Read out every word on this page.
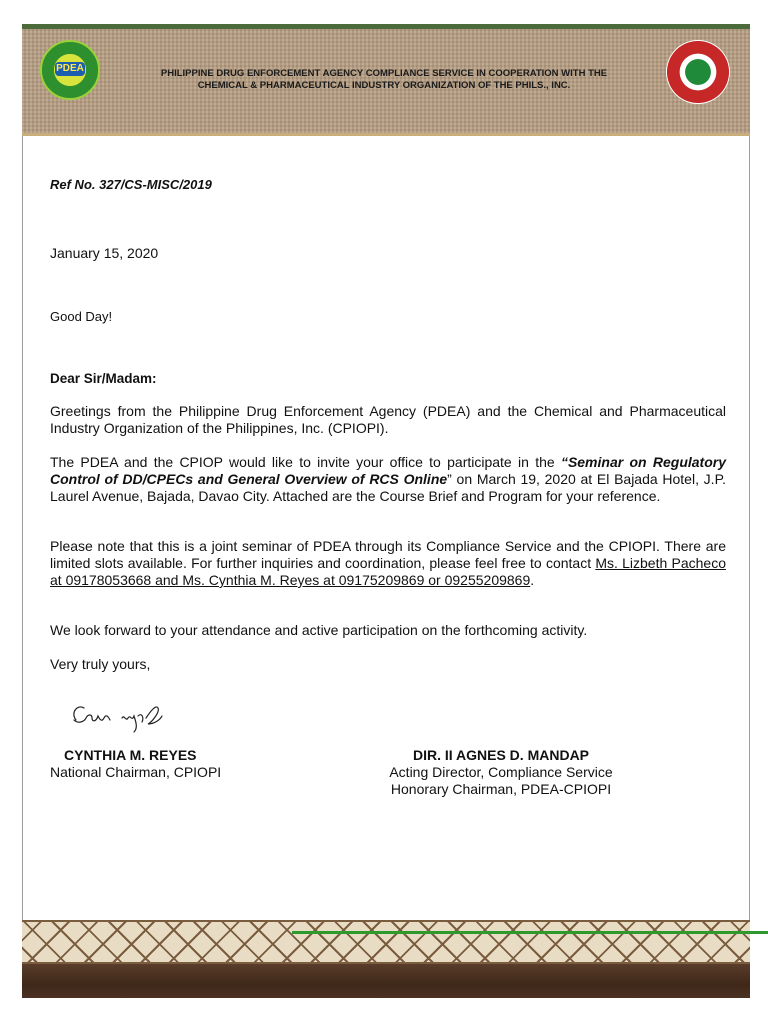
PDEA	PHILIPPINE DRUG ENFORCEMENT AGENCY COMPLIANCE SERVICE IN COOPERATION WITH THE
CHEMICAL & PHARMACEUTICAL INDUSTRY ORGANIZATION OF THE PHILS., INC.
Ref No. 327/CS-MISC/2019
January 15, 2020
Good Day!
Dear Sir/Madam:
Greetings from the Philippine Drug Enforcement Agency (PDEA) and the Chemical and Pharmaceutical Industry Organization of the Philippines, Inc. (CPIOPI).
The PDEA and the CPIOP would like to invite your office to participate in the “Seminar on Regulatory Control of DD/CPECs and General Overview of RCS Online” on March 19, 2020 at El Bajada Hotel, J.P. Laurel Avenue, Bajada, Davao City. Attached are the Course Brief and Program for your reference.
Please note that this is a joint seminar of PDEA through its Compliance Service and the CPIOPI. There are limited slots available. For further inquiries and coordination, please feel free to contact Ms. Lizbeth Pacheco at 09178053668 and Ms. Cynthia M. Reyes at 09175209869 or 09255209869.
We look forward to your attendance and active participation on the forthcoming activity.
Very truly yours,
CYNTHIA M. REYES
National Chairman, CPIOPI
DIR. II AGNES D. MANDAP
Acting Director, Compliance Service
Honorary Chairman, PDEA-CPIOPI
